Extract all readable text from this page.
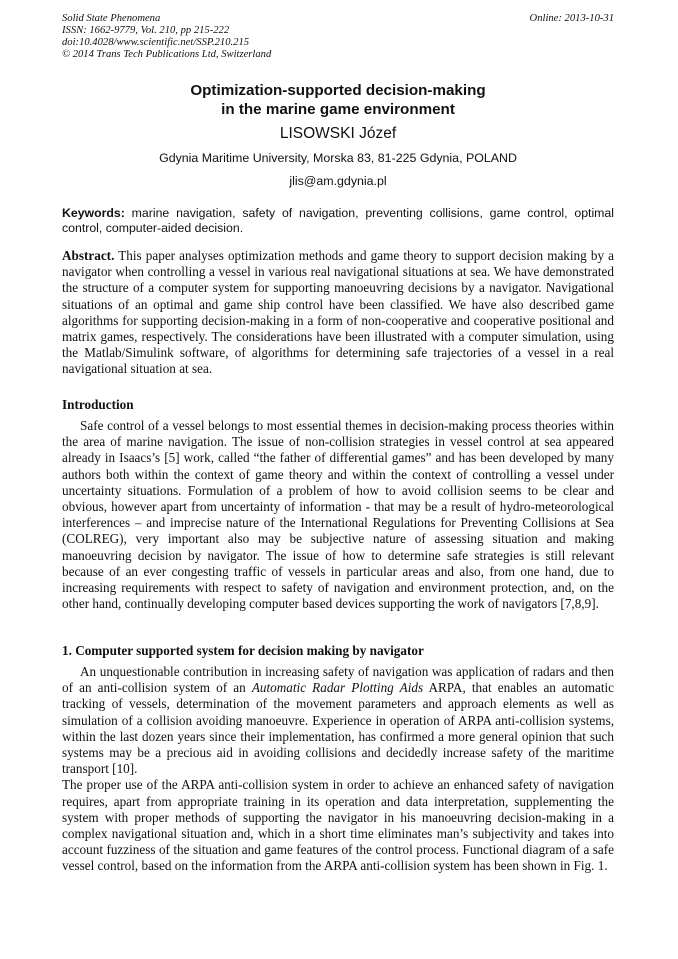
Solid State Phenomena
ISSN: 1662-9779, Vol. 210, pp 215-222
doi:10.4028/www.scientific.net/SSP.210.215
© 2014 Trans Tech Publications Ltd, Switzerland
Online: 2013-10-31
Optimization-supported decision-making
in the marine game environment
LISOWSKI Józef
Gdynia Maritime University, Morska 83, 81-225 Gdynia, POLAND
jlis@am.gdynia.pl
Keywords: marine navigation, safety of navigation, preventing collisions, game control, optimal control, computer-aided decision.
Abstract. This paper analyses optimization methods and game theory to support decision making by a navigator when controlling a vessel in various real navigational situations at sea. We have demonstrated the structure of a computer system for supporting manoeuvring decisions by a navigator. Navigational situations of an optimal and game ship control have been classified. We have also described game algorithms for supporting decision-making in a form of non-cooperative and cooperative positional and matrix games, respectively. The considerations have been illustrated with a computer simulation, using the Matlab/Simulink software, of algorithms for determining safe trajectories of a vessel in a real navigational situation at sea.
Introduction
Safe control of a vessel belongs to most essential themes in decision-making process theories within the area of marine navigation. The issue of non-collision strategies in vessel control at sea appeared already in Isaacs’s [5] work, called “the father of differential games” and has been developed by many authors both within the context of game theory and within the context of controlling a vessel under uncertainty situations. Formulation of a problem of how to avoid collision seems to be clear and obvious, however apart from uncertainty of information - that may be a result of hydro-meteorological interferences – and imprecise nature of the International Regulations for Preventing Collisions at Sea (COLREG), very important also may be subjective nature of assessing situation and making manoeuvring decision by navigator. The issue of how to determine safe strategies is still relevant because of an ever congesting traffic of vessels in particular areas and also, from one hand, due to increasing requirements with respect to safety of navigation and environment protection, and, on the other hand, continually developing computer based devices supporting the work of navigators [7,8,9].
1. Computer supported system for decision making by navigator

An unquestionable contribution in increasing safety of navigation was application of radars and then of an anti-collision system of an Automatic Radar Plotting Aids ARPA, that enables an automatic tracking of vessels, determination of the movement parameters and approach elements as well as simulation of a collision avoiding manoeuvre. Experience in operation of ARPA anti-collision systems, within the last dozen years since their implementation, has confirmed a more general opinion that such systems may be a precious aid in avoiding collisions and decidedly increase safety of the maritime transport [10].

The proper use of the ARPA anti-collision system in order to achieve an enhanced safety of navigation requires, apart from appropriate training in its operation and data interpretation, supplementing the system with proper methods of supporting the navigator in his manoeuvring decision-making in a complex navigational situation and, which in a short time eliminates man’s subjectivity and takes into account fuzziness of the situation and game features of the control process. Functional diagram of a safe vessel control, based on the information from the ARPA anti-collision system has been shown in Fig. 1.
